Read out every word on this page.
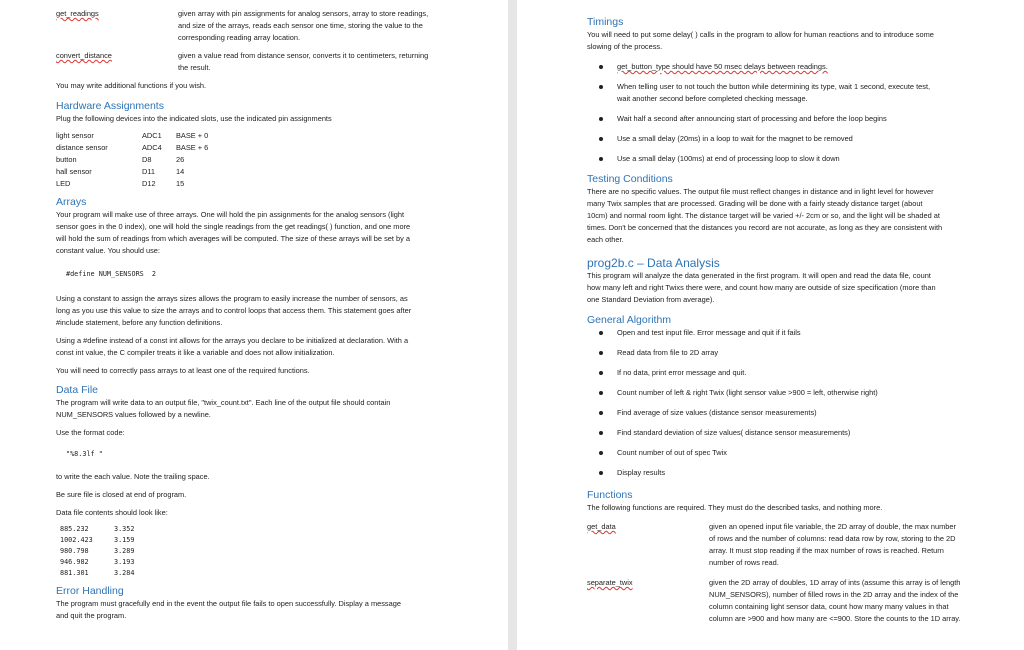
get_readings	given array with pin assignments for analog sensors, array to store readings,
and size of the arrays, reads each sensor one time, storing the value to the
corresponding reading array location.
convert_distance	given a value read from distance sensor, converts it to centimeters, returning
the result.

You may write additional functions if you wish.

Hardware Assignments

Plug the following devices into the indicated slots, use the indicated pin assignments

light sensor	ADC1	BASE + 0
distance sensor	ADC4	BASE + 6
button	D8	26
hall sensor	D11	14
LED	D12	15

Arrays

Your program will make use of three arrays. One will hold the pin assignments for the analog sensors (light

sensor goes in the 0 index), one will hold the single readings from the get readings( ) function, and one more

will hold the sum of readings from which averages will be computed. The size of these arrays will be set by a

constant value. You should use:

#define NUM_SENSORS  2

Using a constant to assign the arrays sizes allows the program to easily increase the number of sensors, as

long as you use this value to size the arrays and to control loops that access them. This statement goes after

#include statement, before any function definitions.

Using a #define instead of a const int allows for the arrays you declare to be initialized at declaration. With a

const int value, the C compiler treats it like a variable and does not allow initialization.

You will need to correctly pass arrays to at least one of the required functions.

Data File

The program will write data to an output file, "twix_count.txt". Each line of the output file should contain

NUM_SENSORS values followed by a newline.

Use the format code:

"%8.3lf "

to write the each value. Note the trailing space.

Be sure file is closed at end of program.

Data file contents should look like:

885.232	3.352
1002.423	3.159
980.798	3.289
946.982	3.193
881.301	3.284

Error Handling

The program must gracefully end in the event the output file fails to open successfully. Display a message

and quit the program.

Timings

You will need to put some delay( ) calls in the program to allow for human reactions and to introduce some

slowing of the process.

get_button_type should have 50 msec delays between readings.
When telling user to not touch the button while determining its type, wait 1 second, execute test,
wait another second before completed checking message.
Wait half a second after announcing start of processing and before the loop begins
Use a small delay (20ms) in a loop to wait for the magnet to be removed
Use a small delay (100ms) at end of processing loop to slow it down

Testing Conditions

There are no specific values. The output file must reflect changes in distance and in light level for however

many Twix samples that are processed. Grading will be done with a fairly steady distance target (about

10cm) and normal room light. The distance target will be varied +/- 2cm or so, and the light will be shaded at

times. Don't be concerned that the distances you record are not accurate, as long as they are consistent with

each other.

prog2b.c – Data Analysis

This program will analyze the data generated in the first program. It will open and read the data file, count

how many left and right Twixs there were, and count how many are outside of size specification (more than

one Standard Deviation from average).

General Algorithm

Open and test input file. Error message and quit if it fails
Read data from file to 2D array
If no data, print error message and quit.
Count number of left & right Twix (light sensor value >900 = left, otherwise right)
Find average of size values (distance sensor measurements)
Find standard deviation of size values( distance sensor measurements)
Count number of out of spec Twix
Display results

Functions

The following functions are required. They must do the described tasks, and nothing more.

get_data	given an opened input file variable, the 2D array of double, the max number
of rows and the number of columns: read data row by row, storing to the 2D
array. It must stop reading if the max number of rows is reached. Return
number of rows read.
separate_twix	given the 2D array of doubles, 1D array of ints (assume this array is of length
NUM_SENSORS), number of filled rows in the 2D array and the index of the
column containing light sensor data, count how many many values in that
column are >900 and how many are <=900. Store the counts to the 1D array.
